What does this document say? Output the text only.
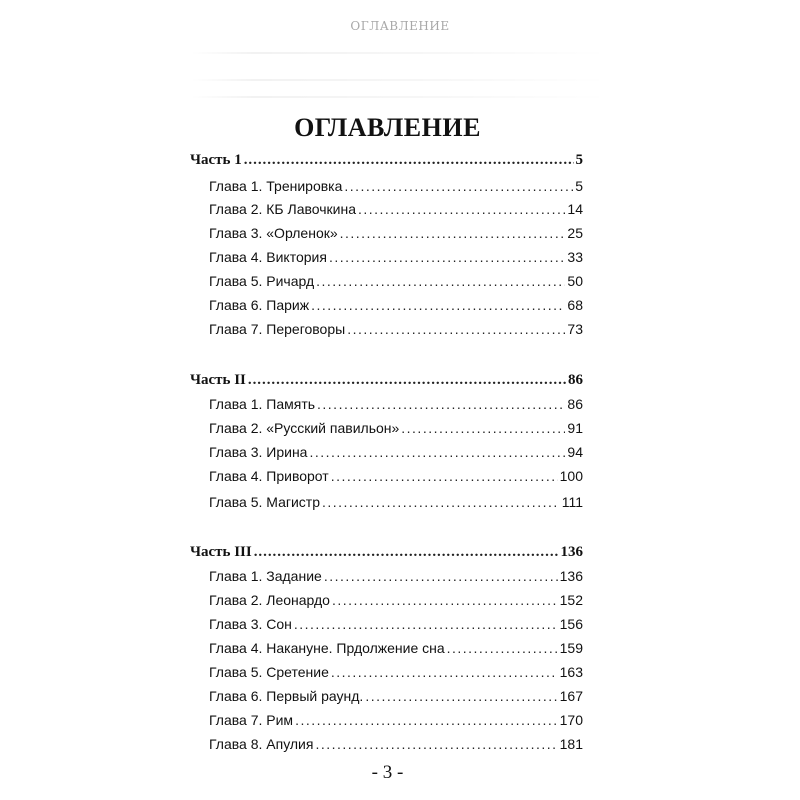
ОГЛАВЛЕНИЕ
ОГЛАВЛЕНИЕ
Часть 1 . . .	5
Глава 1. Тренировка . . .	5
Глава 2. КБ Лавочкина . . .	14
Глава 3. «Орленок» . . .	25
Глава 4. Виктория . . .	33
Глава 5. Ричард . . .	50
Глава 6. Париж . . .	68
Глава 7. Переговоры . . .	73
Часть II . . .	86
Глава 1. Память . . .	86
Глава 2. «Русский павильон» . . .	91
Глава 3. Ирина . . .	94
Глава 4. Приворот . . .	100
Глава 5. Магистр . . .	111
Часть III . . .	136
Глава 1. Задание . . .	136
Глава 2. Леонардо . . .	152
Глава 3. Сон . . .	156
Глава 4. Накануне. Прдолжение сна . . .	159
Глава 5. Сретение . . .	163
Глава 6. Первый раунд. . . .	167
Глава 7. Рим . . .	170
Глава 8. Апулия . . .	181
- 3 -
